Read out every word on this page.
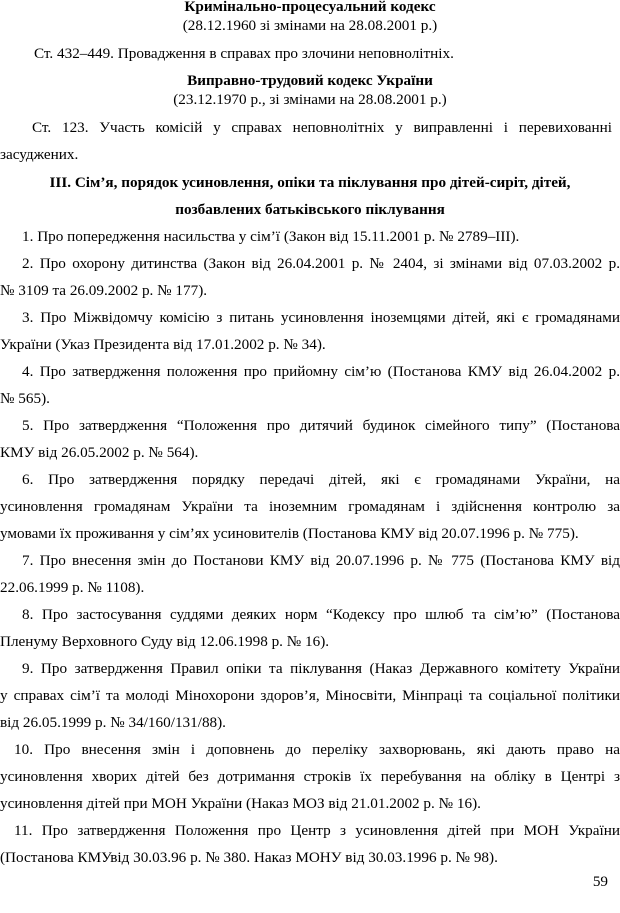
Кримінально-процесуальний кодекс
(28.12.1960 зі змінами на 28.08.2001 р.)
Ст. 432–449. Провадження в справах про злочини неповнолітніх.
Виправно-трудовий кодекс України
(23.12.1970 р., зі змінами на 28.08.2001 р.)
Ст. 123. Участь комісій у справах неповнолітніх у виправленні і перевихованні
засуджених.
ІІІ. Сім’я, порядок усиновлення, опіки та піклування про дітей-сиріт, дітей,
позбавлених батьківського піклування
1. Про попередження насильства у сім’ї (Закон від 15.11.2001 р. № 2789–ІІІ).
2. Про охорону дитинства (Закон від 26.04.2001 р. № 2404, зі змінами від 07.03.2002 р.
№ 3109 та 26.09.2002 р. № 177).
3. Про Міжвідомчу комісію з питань усиновлення іноземцями дітей, які є громадянами
України (Указ Президента від 17.01.2002 р. № 34).
4. Про затвердження положення про прийомну сім’ю (Постанова КМУ від 26.04.2002 р.
№ 565).
5. Про затвердження “Положення про дитячий будинок сімейного типу” (Постанова
КМУ від 26.05.2002 р. № 564).
6. Про затвердження порядку передачі дітей, які є громадянами України, на
усиновлення громадянам України та іноземним громадянам і здійснення контролю за
умовами їх проживання у сім’ях усиновителів (Постанова КМУ від 20.07.1996 р. № 775).
7. Про внесення змін до Постанови КМУ від 20.07.1996 р. № 775 (Постанова КМУ від
22.06.1999 р. № 1108).
8. Про застосування суддями деяких норм “Кодексу про шлюб та сім’ю” (Постанова
Пленуму Верховного Суду від 12.06.1998 р. № 16).
9. Про затвердження Правил опіки та піклування (Наказ Державного комітету України
у справах сім’ї та молоді Мінохорони здоров’я, Міносвіти, Мінпраці та соціальної політики
від 26.05.1999 р. № 34/160/131/88).
10. Про внесення змін і доповнень до переліку захворювань, які дають право на
усиновлення хворих дітей без дотримання строків їх перебування на обліку в Центрі з
усиновлення дітей при МОН України (Наказ МОЗ від 21.01.2002 р. № 16).
11. Про затвердження Положення про Центр з усиновлення дітей при МОН України
(Постанова КМУвід 30.03.96 р. № 380. Наказ МОНУ від 30.03.1996 р. № 98).
59
